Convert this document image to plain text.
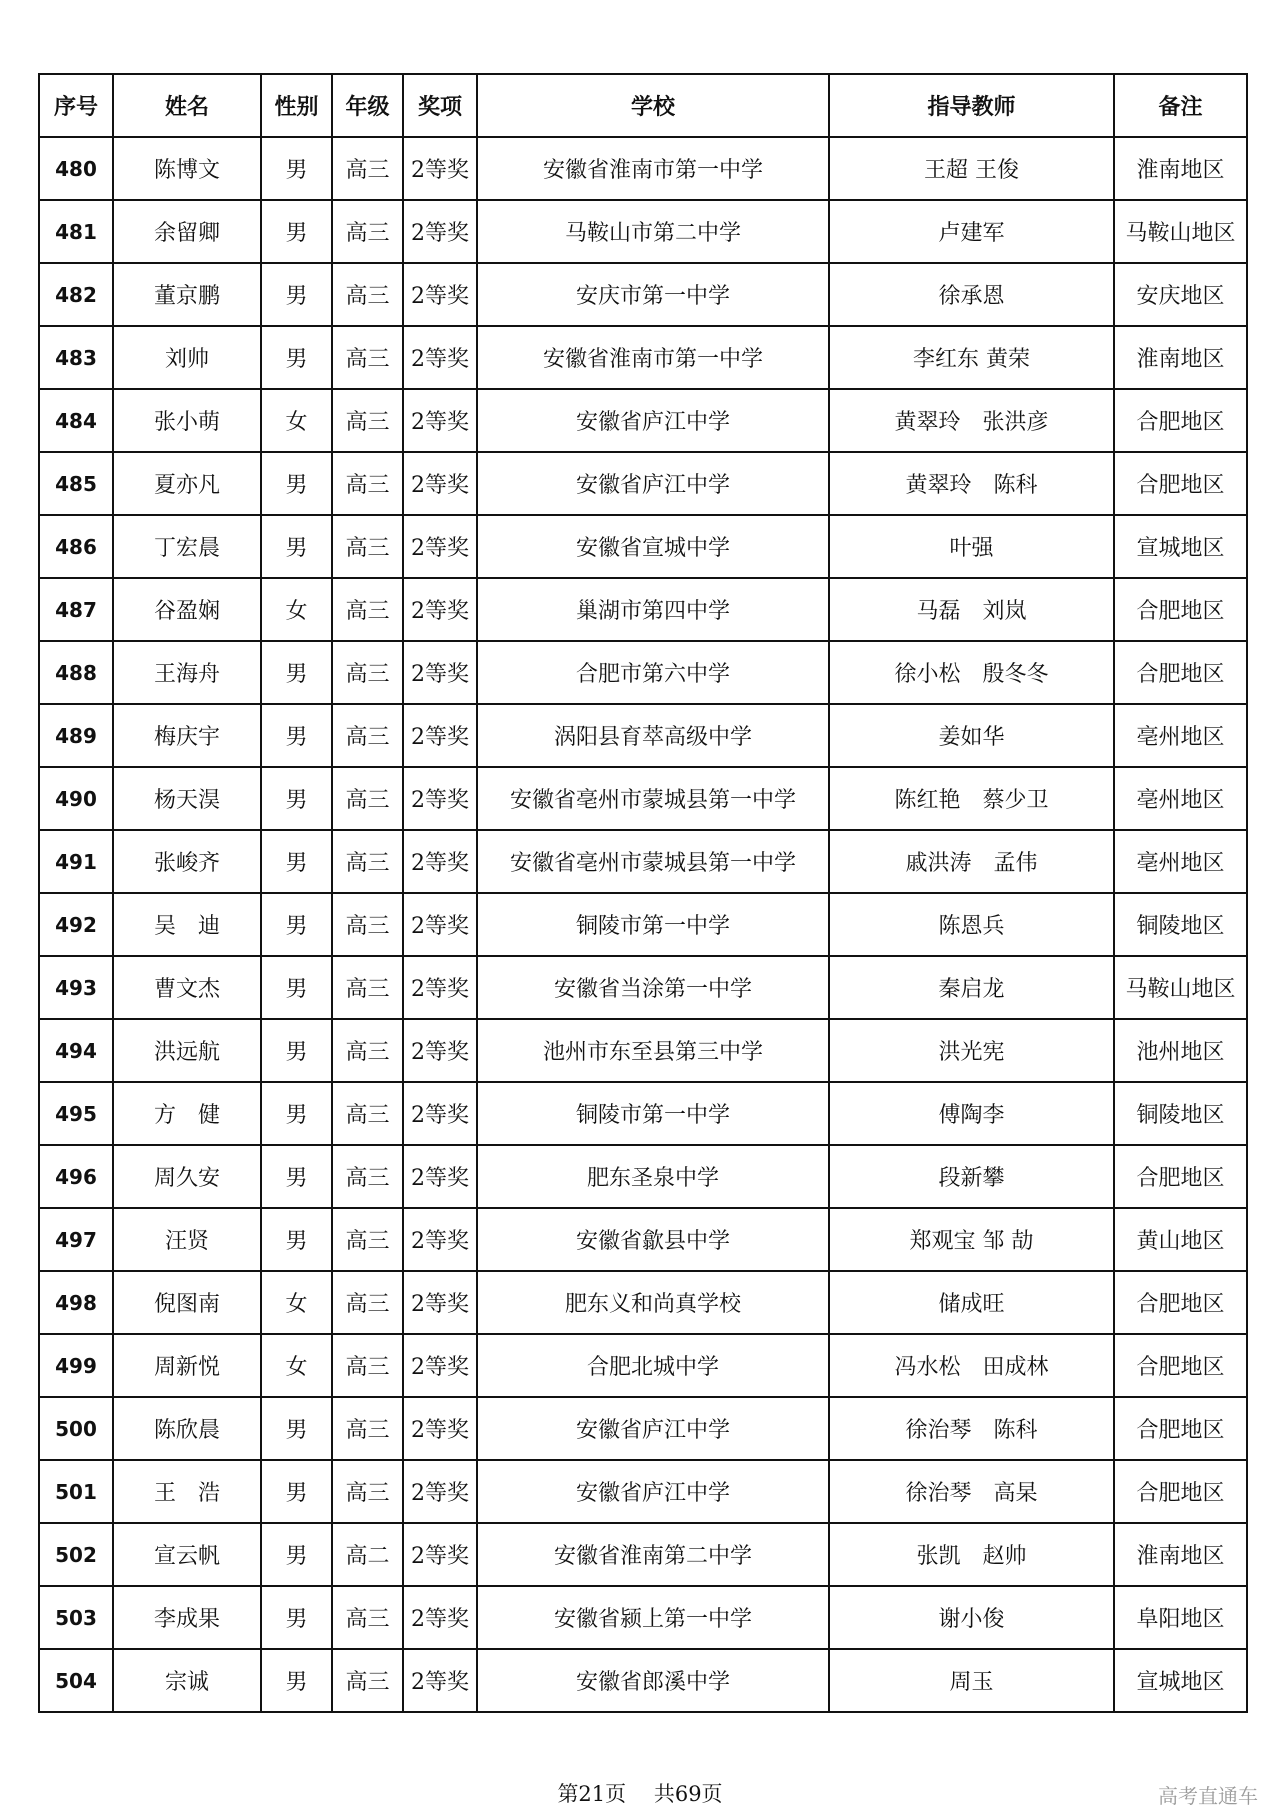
序号	姓名	性别	年级	奖项	学校	指导教师	备注
480	陈博文	男	高三	2等奖	安徽省淮南市第一中学	王超 王俊	淮南地区
481	余留卿	男	高三	2等奖	马鞍山市第二中学	卢建军	马鞍山地区
482	董京鹏	男	高三	2等奖	安庆市第一中学	徐承恩	安庆地区
483	刘帅	男	高三	2等奖	安徽省淮南市第一中学	李红东 黄荣	淮南地区
484	张小萌	女	高三	2等奖	安徽省庐江中学	黄翠玲　张洪彦	合肥地区
485	夏亦凡	男	高三	2等奖	安徽省庐江中学	黄翠玲　陈科	合肥地区
486	丁宏晨	男	高三	2等奖	安徽省宣城中学	叶强	宣城地区
487	谷盈娴	女	高三	2等奖	巢湖市第四中学	马磊　刘岚	合肥地区
488	王海舟	男	高三	2等奖	合肥市第六中学	徐小松　殷冬冬	合肥地区
489	梅庆宇	男	高三	2等奖	涡阳县育萃高级中学	姜如华	亳州地区
490	杨天淏	男	高三	2等奖	安徽省亳州市蒙城县第一中学	陈红艳　蔡少卫	亳州地区
491	张峻齐	男	高三	2等奖	安徽省亳州市蒙城县第一中学	戚洪涛　孟伟	亳州地区
492	吴　迪	男	高三	2等奖	铜陵市第一中学	陈恩兵	铜陵地区
493	曹文杰	男	高三	2等奖	安徽省当涂第一中学	秦启龙	马鞍山地区
494	洪远航	男	高三	2等奖	池州市东至县第三中学	洪光宪	池州地区
495	方　健	男	高三	2等奖	铜陵市第一中学	傅陶李	铜陵地区
496	周久安	男	高三	2等奖	肥东圣泉中学	段新攀	合肥地区
497	汪贤	男	高三	2等奖	安徽省歙县中学	郑观宝 邹 劼	黄山地区
498	倪图南	女	高三	2等奖	肥东义和尚真学校	储成旺	合肥地区
499	周新悦	女	高三	2等奖	合肥北城中学	冯水松　田成林	合肥地区
500	陈欣晨	男	高三	2等奖	安徽省庐江中学	徐治琴　陈科	合肥地区
501	王　浩	男	高三	2等奖	安徽省庐江中学	徐治琴　高杲	合肥地区
502	宣云帆	男	高二	2等奖	安徽省淮南第二中学	张凯　赵帅	淮南地区
503	李成果	男	高三	2等奖	安徽省颍上第一中学	谢小俊	阜阳地区
504	宗诚	男	高三	2等奖	安徽省郎溪中学	周玉	宣城地区
第21页　 共69页	高考直通车
